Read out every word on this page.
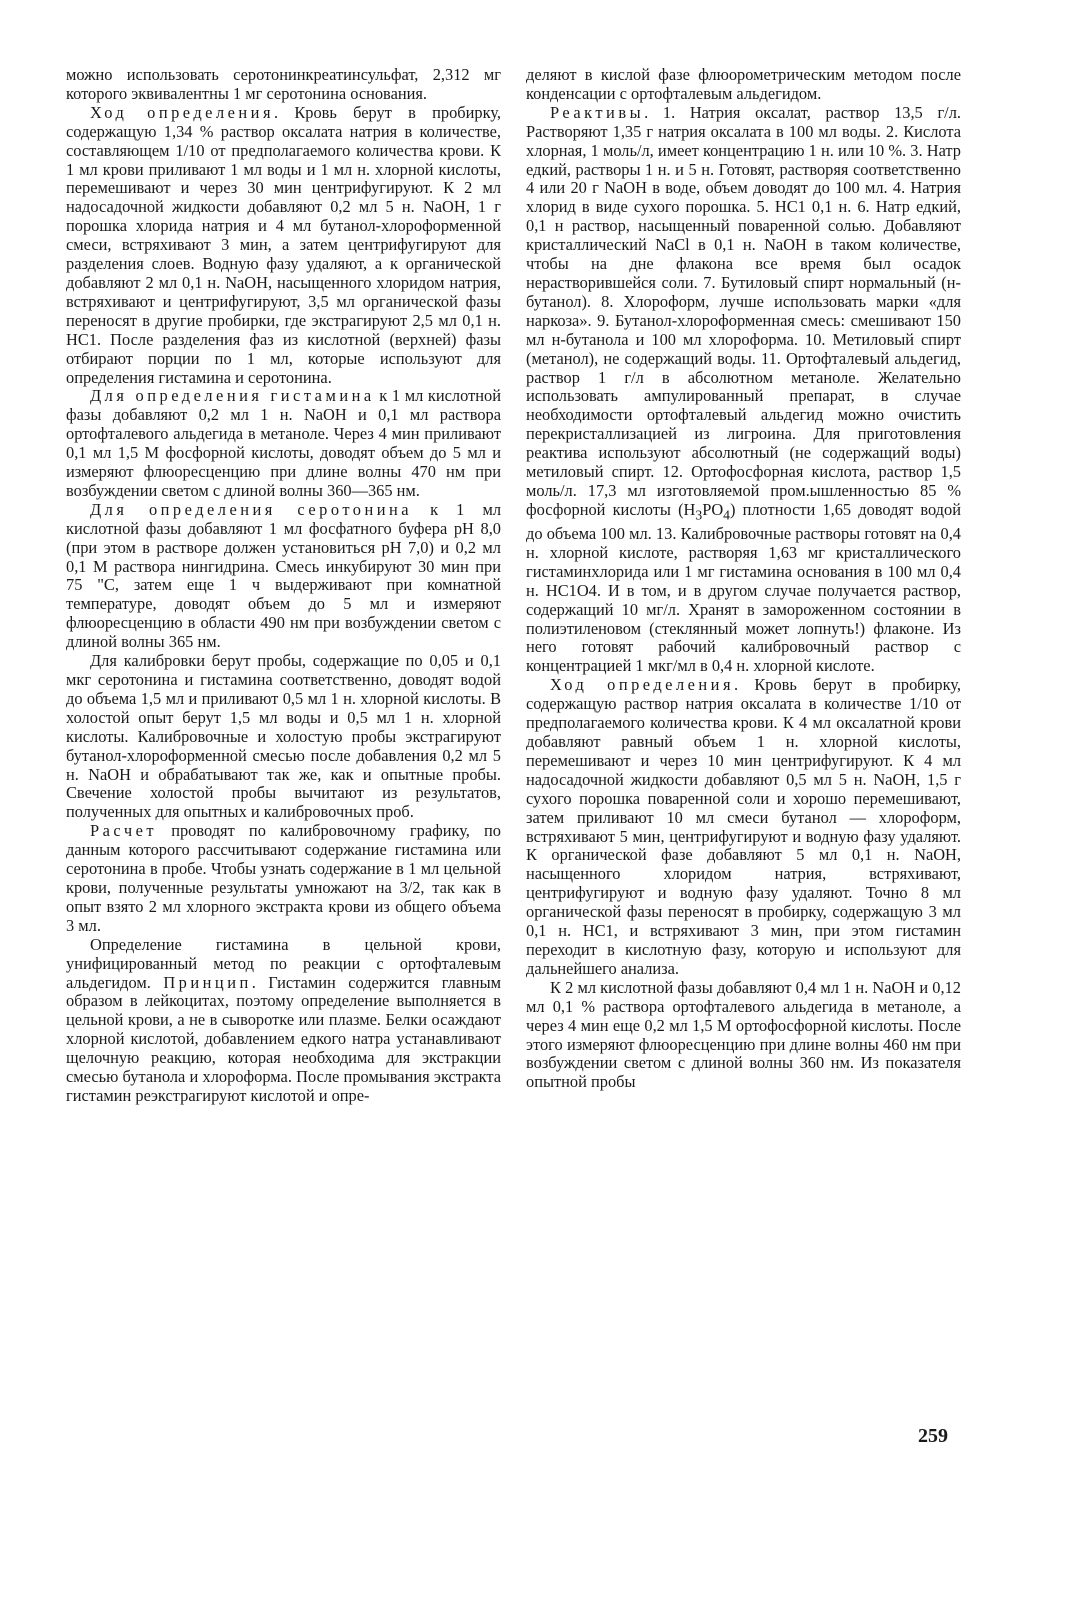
можно использовать серотонинкреатинсульфат, 2,312 мг которого эквивалентны 1 мг серотонина основания.

Ход определения. Кровь берут в пробирку, содержащую 1,34 % раствор оксалата натрия в количестве, составляющем 1/10 от предполагаемого количества крови. К 1 мл крови приливают 1 мл воды и 1 мл н. хлорной кислоты, перемешивают и через 30 мин центрифугируют. К 2 мл надосадочной жидкости добавляют 0,2 мл 5 н. NaOH, 1 г порошка хлорида натрия и 4 мл бутанол-хлороформенной смеси, встряхивают 3 мин, а затем центрифугируют для разделения слоев. Водную фазу удаляют, а к органической добавляют 2 мл 0,1 н. NaOH, насыщенного хлоридом натрия, встряхивают и центрифугируют, 3,5 мл органической фазы переносят в другие пробирки, где экстрагируют 2,5 мл 0,1 н. НС1. После разделения фаз из кислотной (верхней) фазы отбирают порции по 1 мл, которые используют для определения гистамина и серотонина.

Для определения гистамина к 1 мл кислотной фазы добавляют 0,2 мл 1 н. NaOH и 0,1 мл раствора ортофталевого альдегида в метаноле. Через 4 мин приливают 0,1 мл 1,5 М фосфорной кислоты, доводят объем до 5 мл и измеряют флюоресценцию при длине волны 470 нм при возбуждении светом с длиной волны 360—365 нм.

Для определения серотонина к 1 мл кислотной фазы добавляют 1 мл фосфатного буфера рН 8,0 (при этом в растворе должен установиться рН 7,0) и 0,2 мл 0,1 М раствора нингидрина. Смесь инкубируют 30 мин при 75 "С, затем еще 1 ч выдерживают при комнатной температуре, доводят объем до 5 мл и измеряют флюоресценцию в области 490 нм при возбуждении светом с длиной волны 365 нм.

Для калибровки берут пробы, содержащие по 0,05 и 0,1 мкг серотонина и гистамина соответственно, доводят водой до объема 1,5 мл и приливают 0,5 мл 1 н. хлорной кислоты. В холостой опыт берут 1,5 мл воды и 0,5 мл 1 н. хлорной кислоты. Калибровочные и холостую пробы экстрагируют бутанол-хлороформенной смесью после добавления 0,2 мл 5 н. NaOH и обрабатывают так же, как и опытные пробы. Свечение холостой пробы вычитают из результатов, полученных для опытных и калибровочных проб.

Расчет проводят по калибровочному графику, по данным которого рассчитывают содержание гистамина или серотонина в пробе. Чтобы узнать содержание в 1 мл цельной крови, полученные результаты умножают на 3/2, так как в опыт взято 2 мл хлорного экстракта крови из общего объема 3 мл.

Определение гистамина в цельной крови, унифицированный метод по реакции с ортофталевым альдегидом. Принцип. Гистамин содержится главным образом в лейкоцитах, поэтому определение выполняется в цельной крови, а не в сыворотке или плазме. Белки осаждают хлорной кислотой, добавлением едкого натра устанавливают щелочную реакцию, которая необходима для экстракции смесью бутанола и хлороформа. После промывания экстракта гистамин реэкстрагируют кислотой и опре-

деляют в кислой фазе флюорометрическим методом после конденсации с ортофталевым альдегидом.

Реактивы. 1. Натрия оксалат, раствор 13,5 г/л. Растворяют 1,35 г натрия оксалата в 100 мл воды. 2. Кислота хлорная, 1 моль/л, имеет концентрацию 1 н. или 10 %. 3. Натр едкий, растворы 1 н. и 5 н. Готовят, растворяя соответственно 4 или 20 г NaOH в воде, объем доводят до 100 мл. 4. Натрия хлорид в виде сухого порошка. 5. НС1 0,1 н. 6. Натр едкий, 0,1 н раствор, насыщенный поваренной солью. Добавляют кристаллический NaCl в 0,1 н. NaOH в таком количестве, чтобы на дне флакона все время был осадок нерастворившейся соли. 7. Бутиловый спирт нормальный (н-бутанол). 8. Хлороформ, лучше использовать марки «для наркоза». 9. Бутанол-хлороформенная смесь: смешивают 150 мл н-бутанола и 100 мл хлороформа. 10. Метиловый спирт (метанол), не содержащий воды. 11. Ортофталевый альдегид, раствор 1 г/л в абсолютном метаноле. Желательно использовать ампулированный препарат, в случае необходимости ортофталевый альдегид можно очистить перекристаллизацией из лигроина. Для приготовления реактива используют абсолютный (не содержащий воды) метиловый спирт. 12. Ортофосфорная кислота, раствор 1,5 моль/л. 17,3 мл изготовляемой пром.ышленностью 85 % фосфорной кислоты $(H_3PO_4)$ плотности 1,65 доводят водой до объема 100 мл. 13. Калибровочные растворы готовят на 0,4 н. хлорной кислоте, растворяя 1,63 мг кристаллического гистаминхлорида или 1 мг гистамина основания в 100 мл 0,4 н. НС1О4. И в том, и в другом случае получается раствор, содержащий 10 мг/л. Хранят в замороженном состоянии в полиэтиленовом (стеклянный может лопнуть!) флаконе. Из него готовят рабочий калибровочный раствор с концентрацией 1 мкг/мл в 0,4 н. хлорной кислоте.

Ход определения. Кровь берут в пробирку, содержащую раствор натрия оксалата в количестве 1/10 от предполагаемого количества крови. К 4 мл оксалатной крови добавляют равный объем 1 н. хлорной кислоты, перемешивают и через 10 мин центрифугируют. К 4 мл надосадочной жидкости добавляют 0,5 мл 5 н. NaOH, 1,5 г сухого порошка поваренной соли и хорошо перемешивают, затем приливают 10 мл смеси бутанол — хлороформ, встряхивают 5 мин, центрифугируют и водную фазу удаляют. К органической фазе добавляют 5 мл 0,1 н. NaOH, насыщенного хлоридом натрия, встряхивают, центрифугируют и водную фазу удаляют. Точно 8 мл органической фазы переносят в пробирку, содержащую 3 мл 0,1 н. НС1, и встряхивают 3 мин, при этом гистамин переходит в кислотную фазу, которую и используют для дальнейшего анализа.

К 2 мл кислотной фазы добавляют 0,4 мл 1 н. NaOH и 0,12 мл 0,1 % раствора ортофталевого альдегида в метаноле, а через 4 мин еще 0,2 мл 1,5 М ортофосфорной кислоты. После этого измеряют флюоресценцию при длине волны 460 нм при возбуждении светом с длиной волны 360 нм. Из показателя опытной пробы

259
